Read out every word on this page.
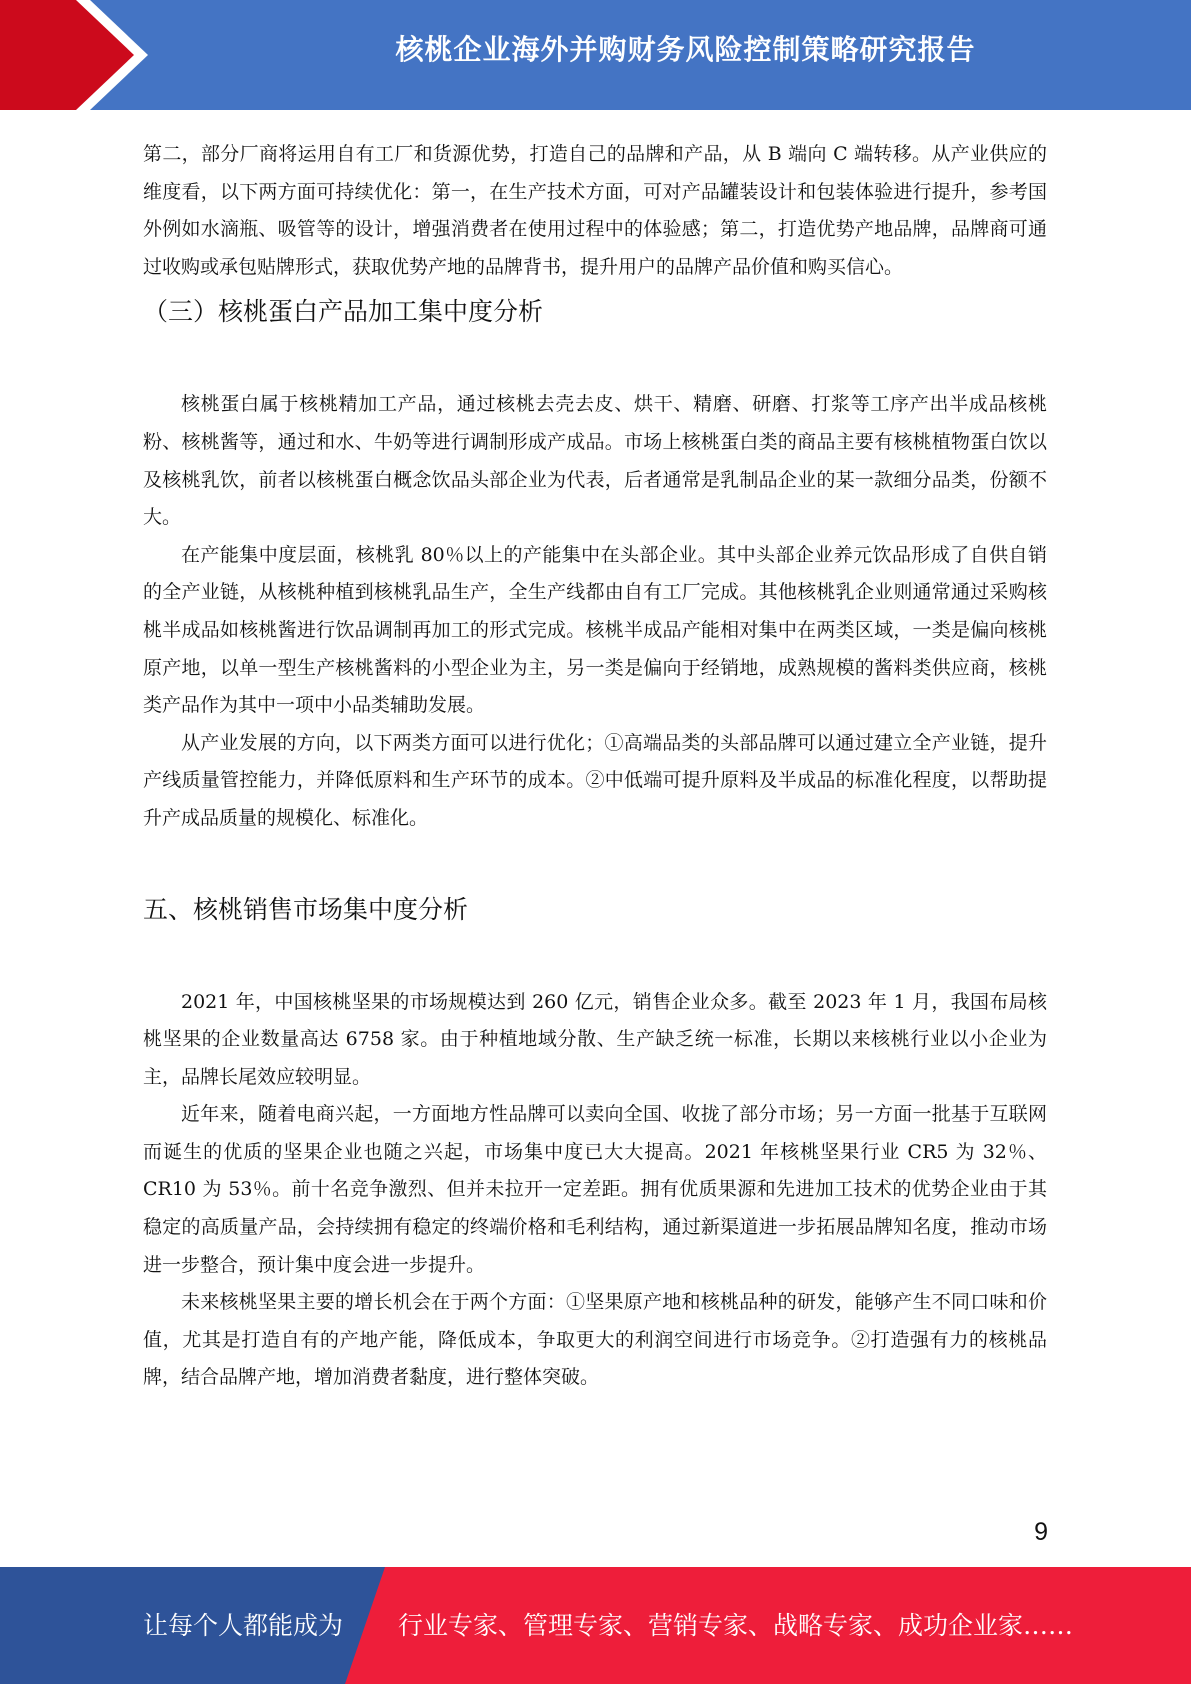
核桃企业海外并购财务风险控制策略研究报告

第二，部分厂商将运用自有工厂和货源优势，打造自己的品牌和产品，从 B 端向 C 端转移。从产业供应的维度看，以下两方面可持续优化：第一，在生产技术方面，可对产品罐装设计和包装体验进行提升，参考国外例如水滴瓶、吸管等的设计，增强消费者在使用过程中的体验感；第二，打造优势产地品牌，品牌商可通过收购或承包贴牌形式，获取优势产地的品牌背书，提升用户的品牌产品价值和购买信心。

（三）核桃蛋白产品加工集中度分析

核桃蛋白属于核桃精加工产品，通过核桃去壳去皮、烘干、精磨、研磨、打浆等工序产出半成品核桃粉、核桃酱等，通过和水、牛奶等进行调制形成产成品。市场上核桃蛋白类的商品主要有核桃植物蛋白饮以及核桃乳饮，前者以核桃蛋白概念饮品头部企业为代表，后者通常是乳制品企业的某一款细分品类，份额不大。

在产能集中度层面，核桃乳 80％以上的产能集中在头部企业。其中头部企业养元饮品形成了自供自销的全产业链，从核桃种植到核桃乳品生产，全生产线都由自有工厂完成。其他核桃乳企业则通常通过采购核桃半成品如核桃酱进行饮品调制再加工的形式完成。核桃半成品产能相对集中在两类区域，一类是偏向核桃原产地，以单一型生产核桃酱料的小型企业为主，另一类是偏向于经销地，成熟规模的酱料类供应商，核桃类产品作为其中一项中小品类辅助发展。

从产业发展的方向，以下两类方面可以进行优化；①高端品类的头部品牌可以通过建立全产业链，提升产线质量管控能力，并降低原料和生产环节的成本。②中低端可提升原料及半成品的标准化程度，以帮助提升产成品质量的规模化、标准化。

五、核桃销售市场集中度分析

2021 年，中国核桃坚果的市场规模达到 260 亿元，销售企业众多。截至 2023 年 1 月，我国布局核桃坚果的企业数量高达 6758 家。由于种植地域分散、生产缺乏统一标准，长期以来核桃行业以小企业为主，品牌长尾效应较明显。

近年来，随着电商兴起，一方面地方性品牌可以卖向全国、收拢了部分市场；另一方面一批基于互联网而诞生的优质的坚果企业也随之兴起，市场集中度已大大提高。2021 年核桃坚果行业 CR5 为 32％、CR10 为 53％。前十名竞争激烈、但并未拉开一定差距。拥有优质果源和先进加工技术的优势企业由于其稳定的高质量产品，会持续拥有稳定的终端价格和毛利结构，通过新渠道进一步拓展品牌知名度，推动市场进一步整合，预计集中度会进一步提升。

未来核桃坚果主要的增长机会在于两个方面：①坚果原产地和核桃品种的研发，能够产生不同口味和价值，尤其是打造自有的产地产能，降低成本，争取更大的利润空间进行市场竞争。②打造强有力的核桃品牌，结合品牌产地，增加消费者黏度，进行整体突破。

9
让每个人都能成为 行业专家、管理专家、营销专家、战略专家、成功企业家……
